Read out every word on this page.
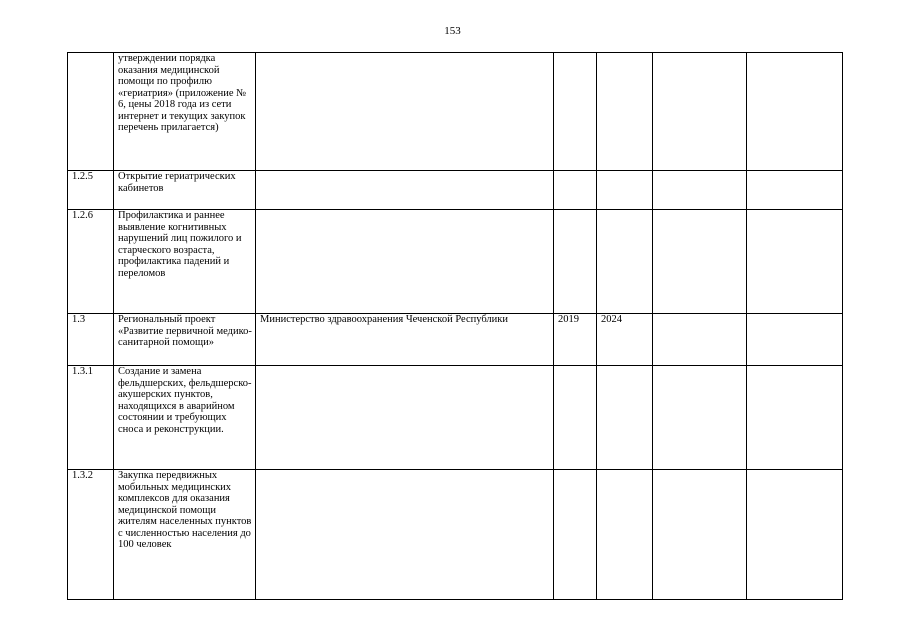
153
	утверждении порядка оказания медицинской помощи по профилю «гериатрия» (приложение № 6, цены 2018 года из сети интернет и текущих закупок перечень прилагается)					
1.2.5	Открытие гериатрических кабинетов					
1.2.6	Профилактика и раннее выявление когнитивных нарушений лиц пожилого и старческого возраста, профилактика падений и переломов					
1.3	Региональный проект «Развитие первичной медико-санитарной помощи»	Министерство здравоохранения Чеченской Республики	2019	2024		
1.3.1	Создание и замена фельдшерских, фельдшерско-акушерских пунктов, находящихся в аварийном состоянии и требующих сноса и реконструкции.					
1.3.2	Закупка передвижных мобильных медицинских комплексов для оказания медицинской помощи жителям населенных пунктов с численностью населения до 100 человек					
